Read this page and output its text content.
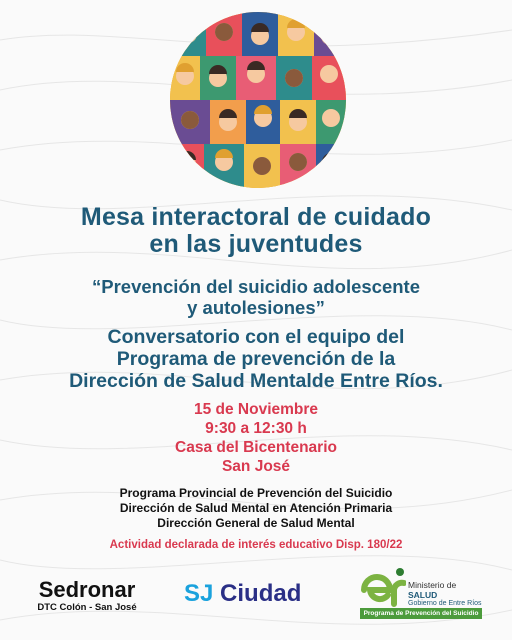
Mesa interactoral de cuidado
en las juventudes
“Prevención del suicidio adolescente
y autolesiones”
Conversatorio con el equipo del
Programa de prevención de la
Dirección de Salud Mentalde Entre Ríos.
15 de Noviembre
9:30 a 12:30 h
Casa del Bicentenario
San José
Programa Provincial de Prevención del Suicidio
Dirección de Salud Mental en Atención Primaria
Dirección General de Salud Mental
Actividad declarada de interés educativo Disp. 180/22
Sedronar
DTC Colón - San José
SJ Ciudad	Ministerio de
SALUD
Gobierno de Entre Ríos
Programa de Prevención del Suicidio
